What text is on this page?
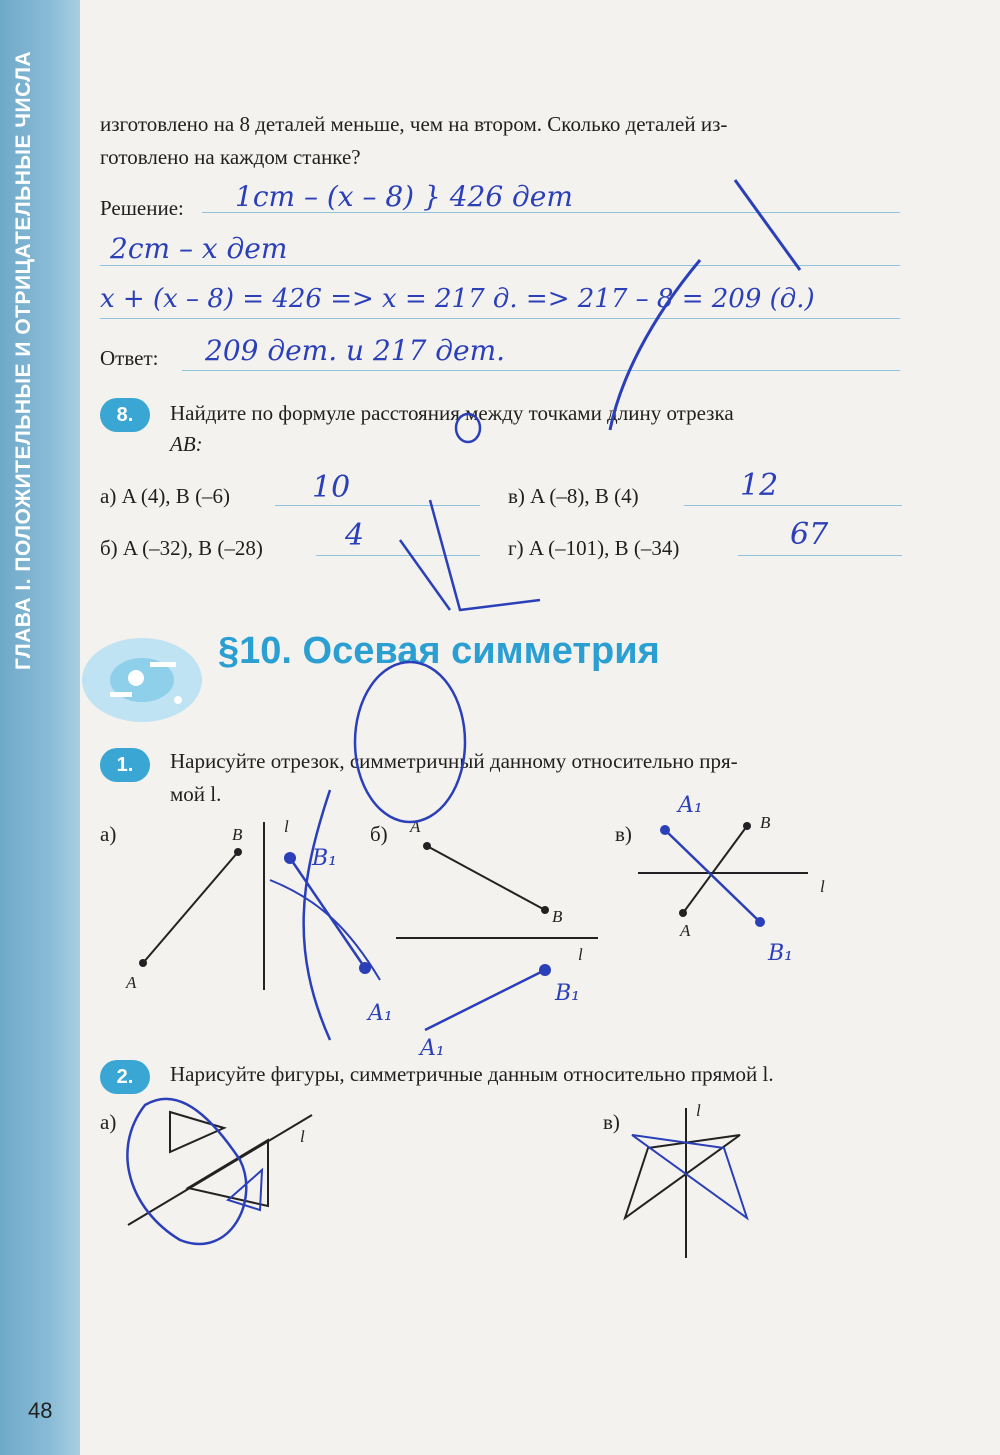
ГЛАВА I. ПОЛОЖИТЕЛЬНЫЕ И ОТРИЦАТЕЛЬНЫЕ ЧИСЛА
48
изготовлено на 8 деталей меньше, чем на втором. Сколько деталей из-
готовлено на каждом станке?
Решение: 1ст – (x – 8) } 426 дет
2ст – x дет
x + (x – 8) = 426 => x = 217 д. => 217 – 8 = 209 (д.)
Ответ: 209 дет. и 217 дет.
8.	Найдите по формуле расстояния между точками длину отрезка
AB:
а) A (4), B (–6)	10	в) A (–8), B (4)	12
б) A (–32), B (–28)	4	г) A (–101), B (–34)	67
§10. Осевая симметрия
1.	Нарисуйте отрезок, симметричный данному относительно пря-
мой l.
а)	б)	в)
A
B l
B₁
A₁
A
B
l
B₁
A₁
A
B
l
A₁
B₁
l
l
2.	Нарисуйте фигуры, симметричные данным относительно прямой l.
а)	в)
